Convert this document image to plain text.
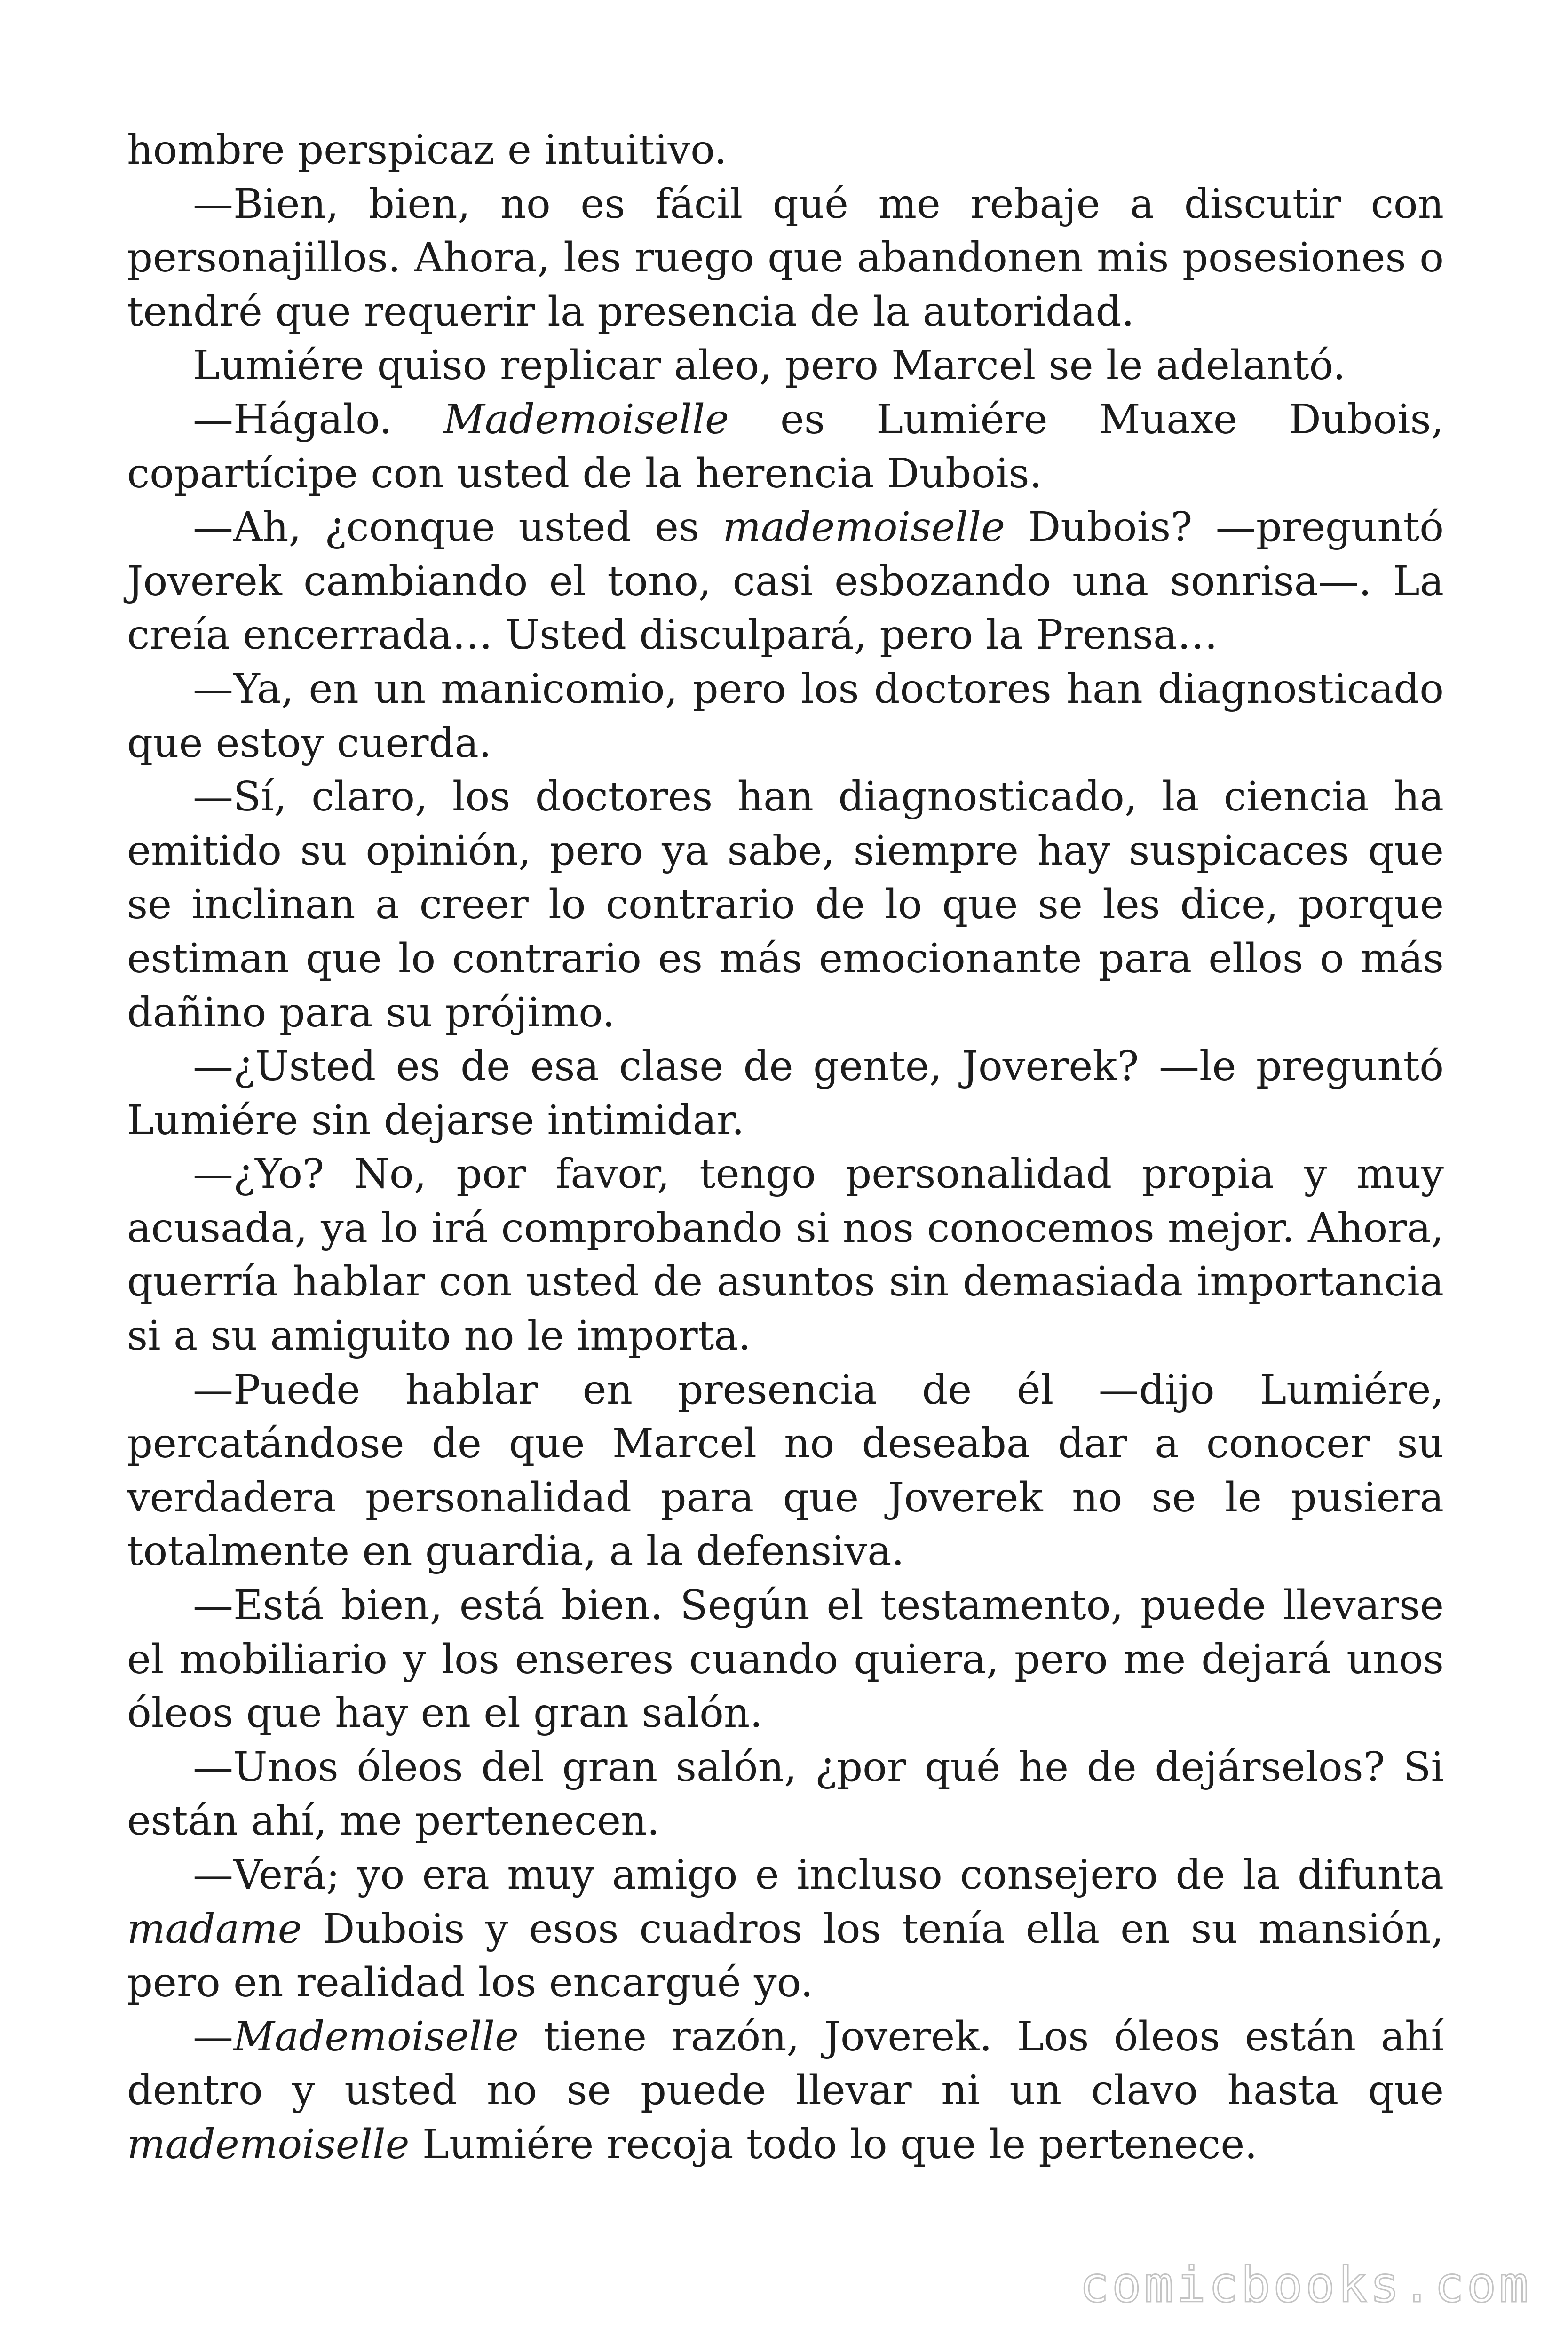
hombre perspicaz e intuitivo.

—Bien, bien, no es fácil qué me rebaje a discutir con personajillos. Ahora, les ruego que abandonen mis posesiones o tendré que requerir la presencia de la autoridad.

Lumiére quiso replicar aleo, pero Marcel se le adelantó.

—Hágalo. Mademoiselle es Lumiére Muaxe Dubois, copartícipe con usted de la herencia Dubois.

—Ah, ¿conque usted es mademoiselle Dubois? —preguntó Joverek cambiando el tono, casi esbozando una sonrisa—. La creía encerrada… Usted disculpará, pero la Prensa…

—Ya, en un manicomio, pero los doctores han diagnosticado que estoy cuerda.

—Sí, claro, los doctores han diagnosticado, la ciencia ha emitido su opinión, pero ya sabe, siempre hay suspicaces que se inclinan a creer lo contrario de lo que se les dice, porque estiman que lo contrario es más emocionante para ellos o más dañino para su prójimo.

—¿Usted es de esa clase de gente, Joverek? —le preguntó Lumiére sin dejarse intimidar.

—¿Yo? No, por favor, tengo personalidad propia y muy acusada, ya lo irá comprobando si nos conocemos mejor. Ahora, querría hablar con usted de asuntos sin demasiada importancia si a su amiguito no le importa.

—Puede hablar en presencia de él —dijo Lumiére, percatándose de que Marcel no deseaba dar a conocer su verdadera personalidad para que Joverek no se le pusiera totalmente en guardia, a la defensiva.

—Está bien, está bien. Según el testamento, puede llevarse el mobiliario y los enseres cuando quiera, pero me dejará unos óleos que hay en el gran salón.

—Unos óleos del gran salón, ¿por qué he de dejárselos? Si están ahí, me pertenecen.

—Verá; yo era muy amigo e incluso consejero de la difunta madame Dubois y esos cuadros los tenía ella en su mansión, pero en realidad los encargué yo.

—Mademoiselle tiene razón, Joverek. Los óleos están ahí dentro y usted no se puede llevar ni un clavo hasta que mademoiselle Lumiére recoja todo lo que le pertenece.

comicbooks.com
